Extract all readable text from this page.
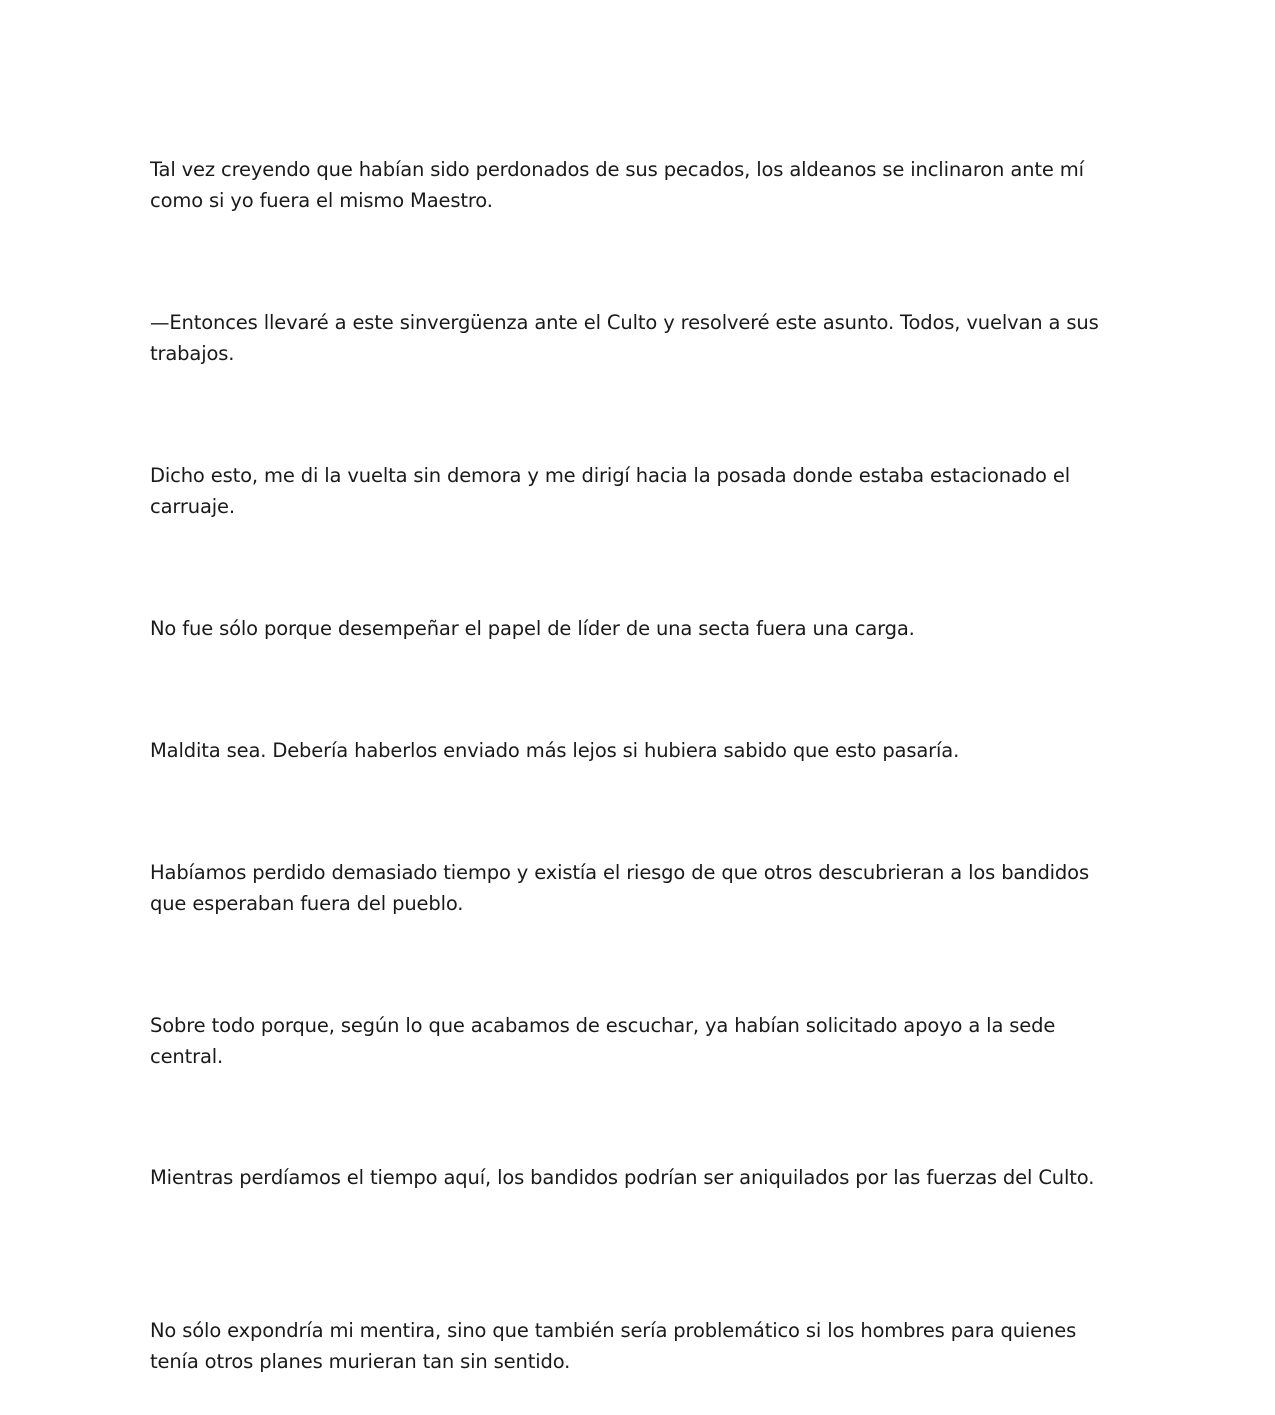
Tal vez creyendo que habían sido perdonados de sus pecados, los aldeanos se inclinaron ante mí como si yo fuera el mismo Maestro.

—Entonces llevaré a este sinvergüenza ante el Culto y resolveré este asunto. Todos, vuelvan a sus trabajos.

Dicho esto, me di la vuelta sin demora y me dirigí hacia la posada donde estaba estacionado el carruaje.

No fue sólo porque desempeñar el papel de líder de una secta fuera una carga.

Maldita sea. Debería haberlos enviado más lejos si hubiera sabido que esto pasaría.

Habíamos perdido demasiado tiempo y existía el riesgo de que otros descubrieran a los bandidos que esperaban fuera del pueblo.

Sobre todo porque, según lo que acabamos de escuchar, ya habían solicitado apoyo a la sede central.

Mientras perdíamos el tiempo aquí, los bandidos podrían ser aniquilados por las fuerzas del Culto.

No sólo expondría mi mentira, sino que también sería problemático si los hombres para quienes tenía otros planes murieran tan sin sentido.
